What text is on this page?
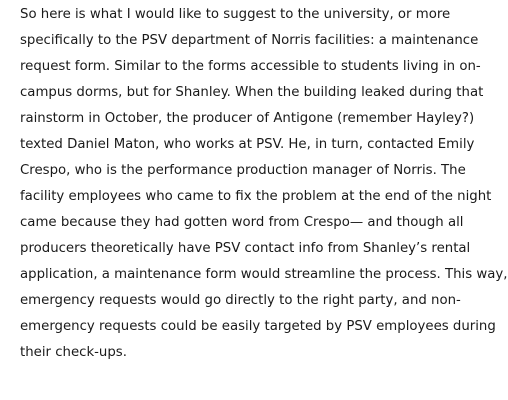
So here is what I would like to suggest to the university, or more
specifically to the PSV department of Norris facilities: a maintenance
request form. Similar to the forms accessible to students living in on-
campus dorms, but for Shanley. When the building leaked during that
rainstorm in October, the producer of Antigone (remember Hayley?)
texted Daniel Maton, who works at PSV. He, in turn, contacted Emily
Crespo, who is the performance production manager of Norris. The
facility employees who came to fix the problem at the end of the night
came because they had gotten word from Crespo— and though all
producers theoretically have PSV contact info from Shanley’s rental
application, a maintenance form would streamline the process. This way,
emergency requests would go directly to the right party, and non-
emergency requests could be easily targeted by PSV employees during
their check-ups.
